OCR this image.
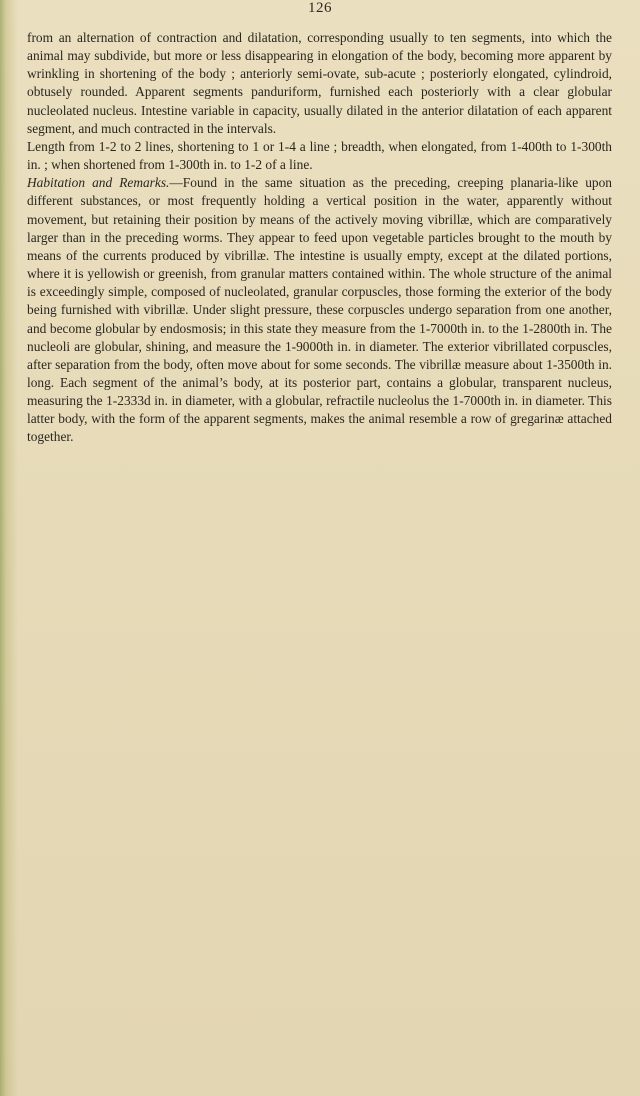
126

from an alternation of contraction and dilatation, corresponding usually to ten segments, into which the animal may subdivide, but more or less disappearing in elongation of the body, becoming more apparent by wrinkling in shortening of the body ; anteriorly semi-ovate, sub-acute ; posteriorly elongated, cylindroid, obtusely rounded. Apparent segments panduriform, furnished each posteriorly with a clear globular nucleolated nucleus. Intestine variable in capacity, usually dilated in the anterior dilatation of each apparent segment, and much contracted in the intervals.

Length from 1-2 to 2 lines, shortening to 1 or 1-4 a line ; breadth, when elongated, from 1-400th to 1-300th in. ; when shortened from 1-300th in. to 1-2 of a line.

Habitation and Remarks.—Found in the same situation as the preceding, creeping planaria-like upon different substances, or most frequently holding a vertical position in the water, apparently without movement, but retaining their position by means of the actively moving vibrillæ, which are comparatively larger than in the preceding worms. They appear to feed upon vegetable particles brought to the mouth by means of the currents produced by vibrillæ. The intestine is usually empty, except at the dilated portions, where it is yellowish or greenish, from granular matters contained within. The whole structure of the animal is exceedingly simple, composed of nucleolated, granular corpuscles, those forming the exterior of the body being furnished with vibrillæ. Under slight pressure, these corpuscles undergo separation from one another, and become globular by endosmosis; in this state they measure from the 1-7000th in. to the 1-2800th in. The nucleoli are globular, shining, and measure the 1-9000th in. in diameter. The exterior vibrillated corpuscles, after separation from the body, often move about for some seconds. The vibrillæ measure about 1-3500th in. long. Each segment of the animal’s body, at its posterior part, contains a globular, transparent nucleus, measuring the 1-2333d in. in diameter, with a globular, refractile nucleolus the 1-7000th in. in diameter. This latter body, with the form of the apparent segments, makes the animal resemble a row of gregarinæ attached together.
